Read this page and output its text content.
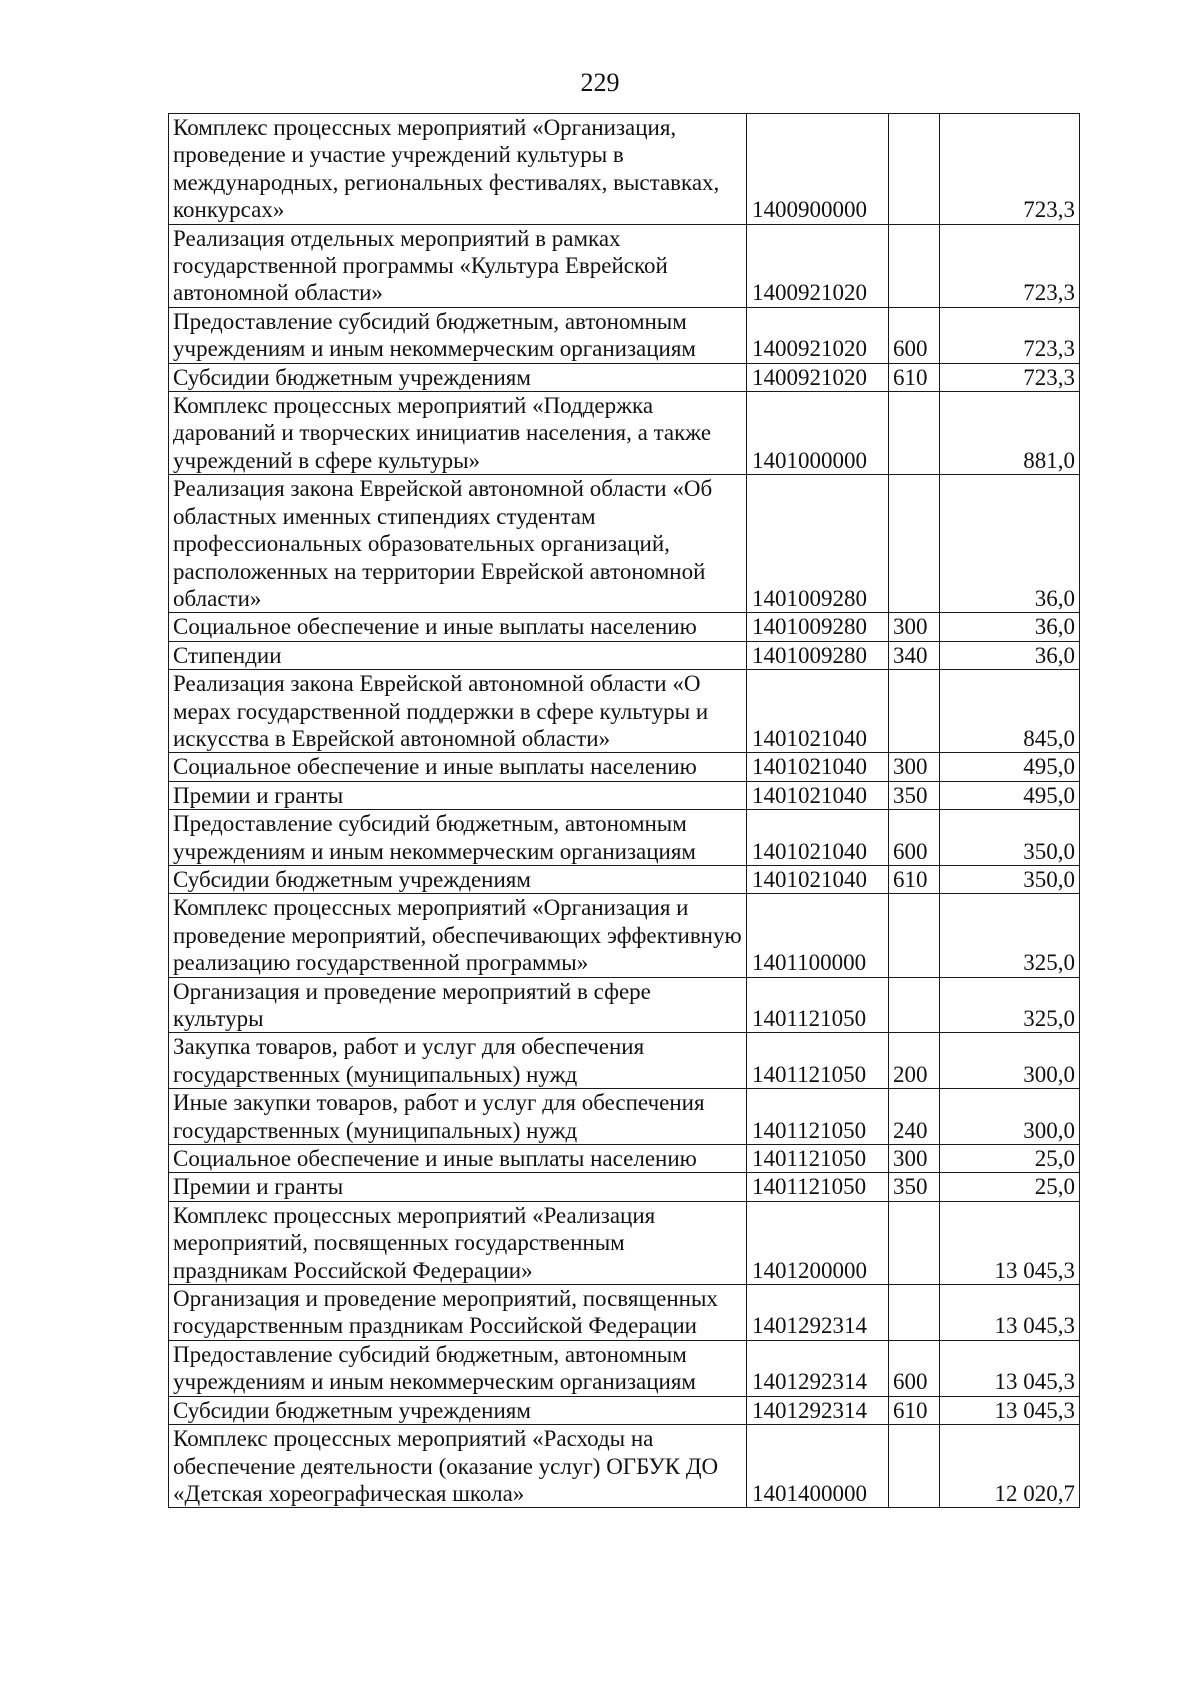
229
Комплекс процессных мероприятий «Организация, проведение и участие учреждений культуры в международных, региональных фестивалях, выставках, конкурсах»	1400900000		723,3
Реализация отдельных мероприятий в рамках государственной программы «Культура Еврейской автономной области»	1400921020		723,3
Предоставление субсидий бюджетным, автономным учреждениям и иным некоммерческим организациям	1400921020	600	723,3
Субсидии бюджетным учреждениям	1400921020	610	723,3
Комплекс процессных мероприятий «Поддержка дарований и творческих инициатив населения, а также учреждений в сфере культуры»	1401000000		881,0
Реализация закона Еврейской автономной области «Об областных именных стипендиях студентам профессиональных образовательных организаций, расположенных на территории Еврейской автономной области»	1401009280		36,0
Социальное обеспечение и иные выплаты населению	1401009280	300	36,0
Стипендии	1401009280	340	36,0
Реализация закона Еврейской автономной области «О мерах государственной поддержки в сфере культуры и искусства в Еврейской автономной области»	1401021040		845,0
Социальное обеспечение и иные выплаты населению	1401021040	300	495,0
Премии и гранты	1401021040	350	495,0
Предоставление субсидий бюджетным, автономным учреждениям и иным некоммерческим организациям	1401021040	600	350,0
Субсидии бюджетным учреждениям	1401021040	610	350,0
Комплекс процессных мероприятий «Организация и проведение мероприятий, обеспечивающих эффективную реализацию государственной программы»	1401100000		325,0
Организация и проведение мероприятий в сфере культуры	1401121050		325,0
Закупка товаров, работ и услуг для обеспечения государственных (муниципальных) нужд	1401121050	200	300,0
Иные закупки товаров, работ и услуг для обеспечения государственных (муниципальных) нужд	1401121050	240	300,0
Социальное обеспечение и иные выплаты населению	1401121050	300	25,0
Премии и гранты	1401121050	350	25,0
Комплекс процессных мероприятий «Реализация мероприятий, посвященных государственным праздникам Российской Федерации»	1401200000		13 045,3
Организация и проведение мероприятий, посвященных государственным праздникам Российской Федерации	1401292314		13 045,3
Предоставление субсидий бюджетным, автономным учреждениям и иным некоммерческим организациям	1401292314	600	13 045,3
Субсидии бюджетным учреждениям	1401292314	610	13 045,3
Комплекс процессных мероприятий «Расходы на обеспечение деятельности (оказание услуг) ОГБУК ДО «Детская хореографическая школа»	1401400000		12 020,7
